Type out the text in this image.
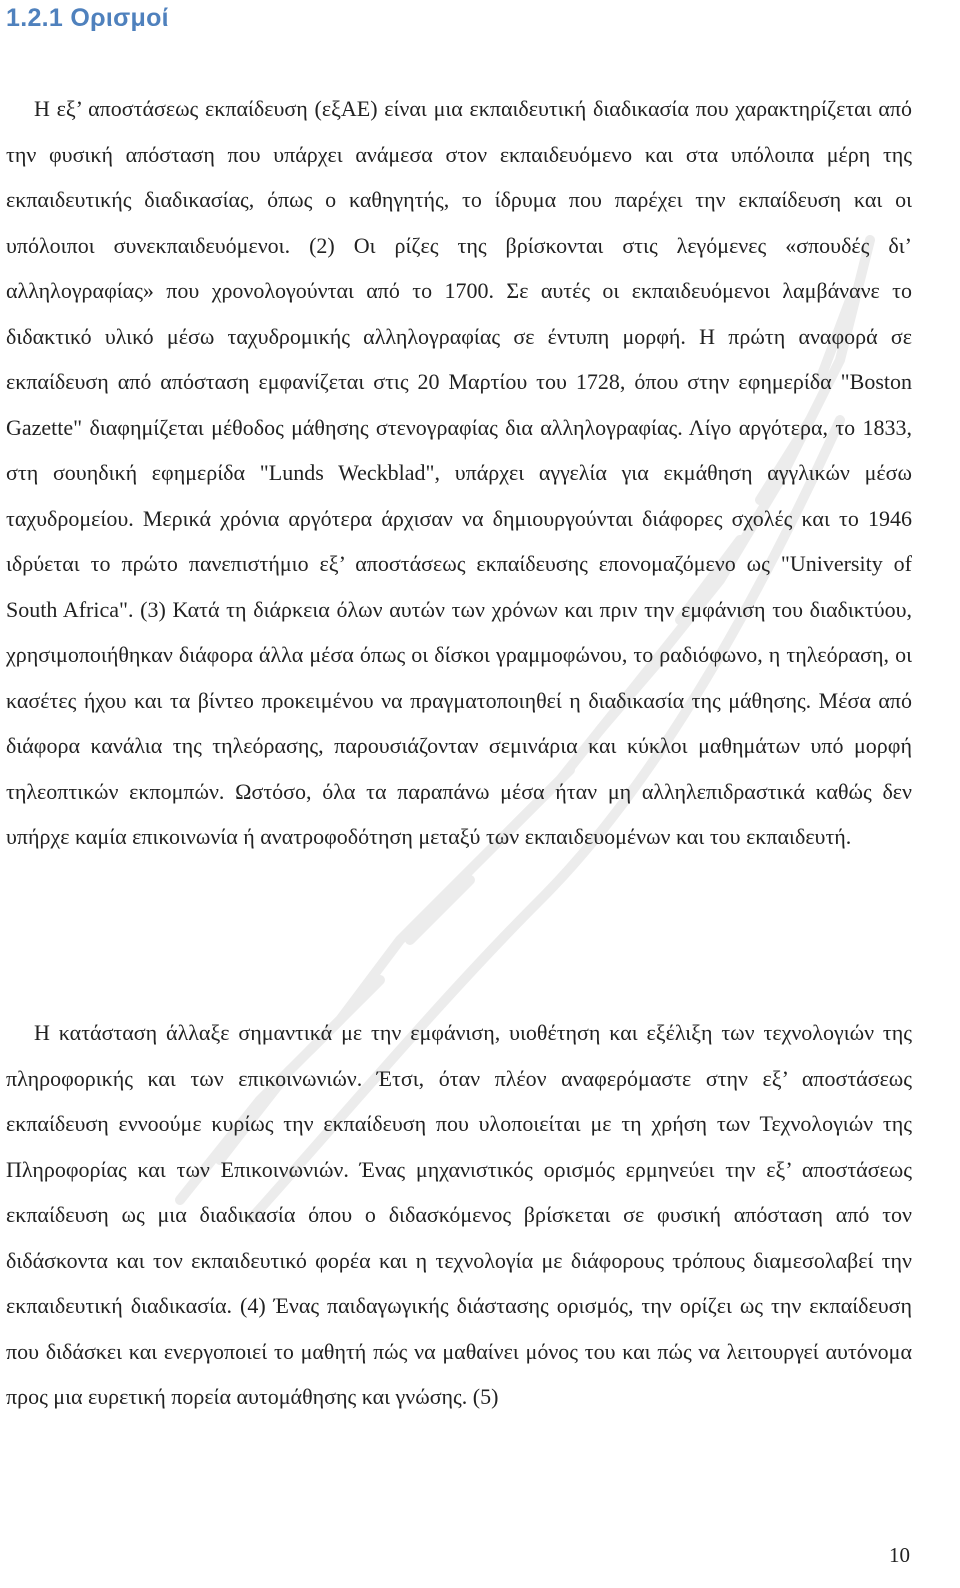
1.2.1 Ορισμοί

Η εξ’ αποστάσεως εκπαίδευση (εξΑΕ) είναι μια εκπαιδευτική διαδικασία που χαρακτηρίζεται από την φυσική απόσταση που υπάρχει ανάμεσα στον εκπαιδευόμενο και στα υπόλοιπα μέρη της εκπαιδευτικής διαδικασίας, όπως ο καθηγητής, το ίδρυμα που παρέχει την εκπαίδευση και οι υπόλοιποι συνεκπαιδευόμενοι. (2) Οι ρίζες της βρίσκονται στις λεγόμενες «σπουδές δι’ αλληλογραφίας» που χρονολογούνται από το 1700. Σε αυτές οι εκπαιδευόμενοι λαμβάνανε το διδακτικό υλικό μέσω ταχυδρομικής αλληλογραφίας σε έντυπη μορφή. Η πρώτη αναφορά σε εκπαίδευση από απόσταση εμφανίζεται στις 20 Μαρτίου του 1728, όπου στην εφημερίδα "Boston Gazette" διαφημίζεται μέθοδος μάθησης στενογραφίας δια αλληλογραφίας. Λίγο αργότερα, το 1833, στη σουηδική εφημερίδα "Lunds Weckblad", υπάρχει αγγελία για εκμάθηση αγγλικών μέσω ταχυδρομείου. Μερικά χρόνια αργότερα άρχισαν να δημιουργούνται διάφορες σχολές και το 1946 ιδρύεται το πρώτο πανεπιστήμιο εξ’ αποστάσεως εκπαίδευσης επονομαζόμενο ως "University of South Africa". (3) Κατά τη διάρκεια όλων αυτών των χρόνων και πριν την εμφάνιση του διαδικτύου, χρησιμοποιήθηκαν διάφορα άλλα μέσα όπως οι δίσκοι γραμμοφώνου, το ραδιόφωνο, η τηλεόραση, οι κασέτες ήχου και τα βίντεο προκειμένου να πραγματοποιηθεί η διαδικασία της μάθησης. Μέσα από διάφορα κανάλια της τηλεόρασης, παρουσιάζονταν σεμινάρια και κύκλοι μαθημάτων υπό μορφή τηλεοπτικών εκπομπών. Ωστόσο, όλα τα παραπάνω μέσα ήταν μη αλληλεπιδραστικά καθώς δεν υπήρχε καμία επικοινωνία ή ανατροφοδότηση μεταξύ των εκπαιδευομένων και του εκπαιδευτή.

Η κατάσταση άλλαξε σημαντικά με την εμφάνιση, υιοθέτηση και εξέλιξη των τεχνολογιών της πληροφορικής και των επικοινωνιών. Έτσι, όταν πλέον αναφερόμαστε στην εξ’ αποστάσεως εκπαίδευση εννοούμε κυρίως την εκπαίδευση που υλοποιείται με τη χρήση των Τεχνολογιών της Πληροφορίας και των Επικοινωνιών. Ένας μηχανιστικός ορισμός ερμηνεύει την εξ’ αποστάσεως εκπαίδευση ως μια διαδικασία όπου ο διδασκόμενος βρίσκεται σε φυσική απόσταση από τον διδάσκοντα και τον εκπαιδευτικό φορέα και η τεχνολογία με διάφορους τρόπους διαμεσολαβεί την εκπαιδευτική διαδικασία. (4) Ένας παιδαγωγικής διάστασης ορισμός, την ορίζει ως την εκπαίδευση που διδάσκει και ενεργοποιεί το μαθητή πώς να μαθαίνει μόνος του και πώς να λειτουργεί αυτόνομα προς μια ευρετική πορεία αυτομάθησης και γνώσης. (5)

10
